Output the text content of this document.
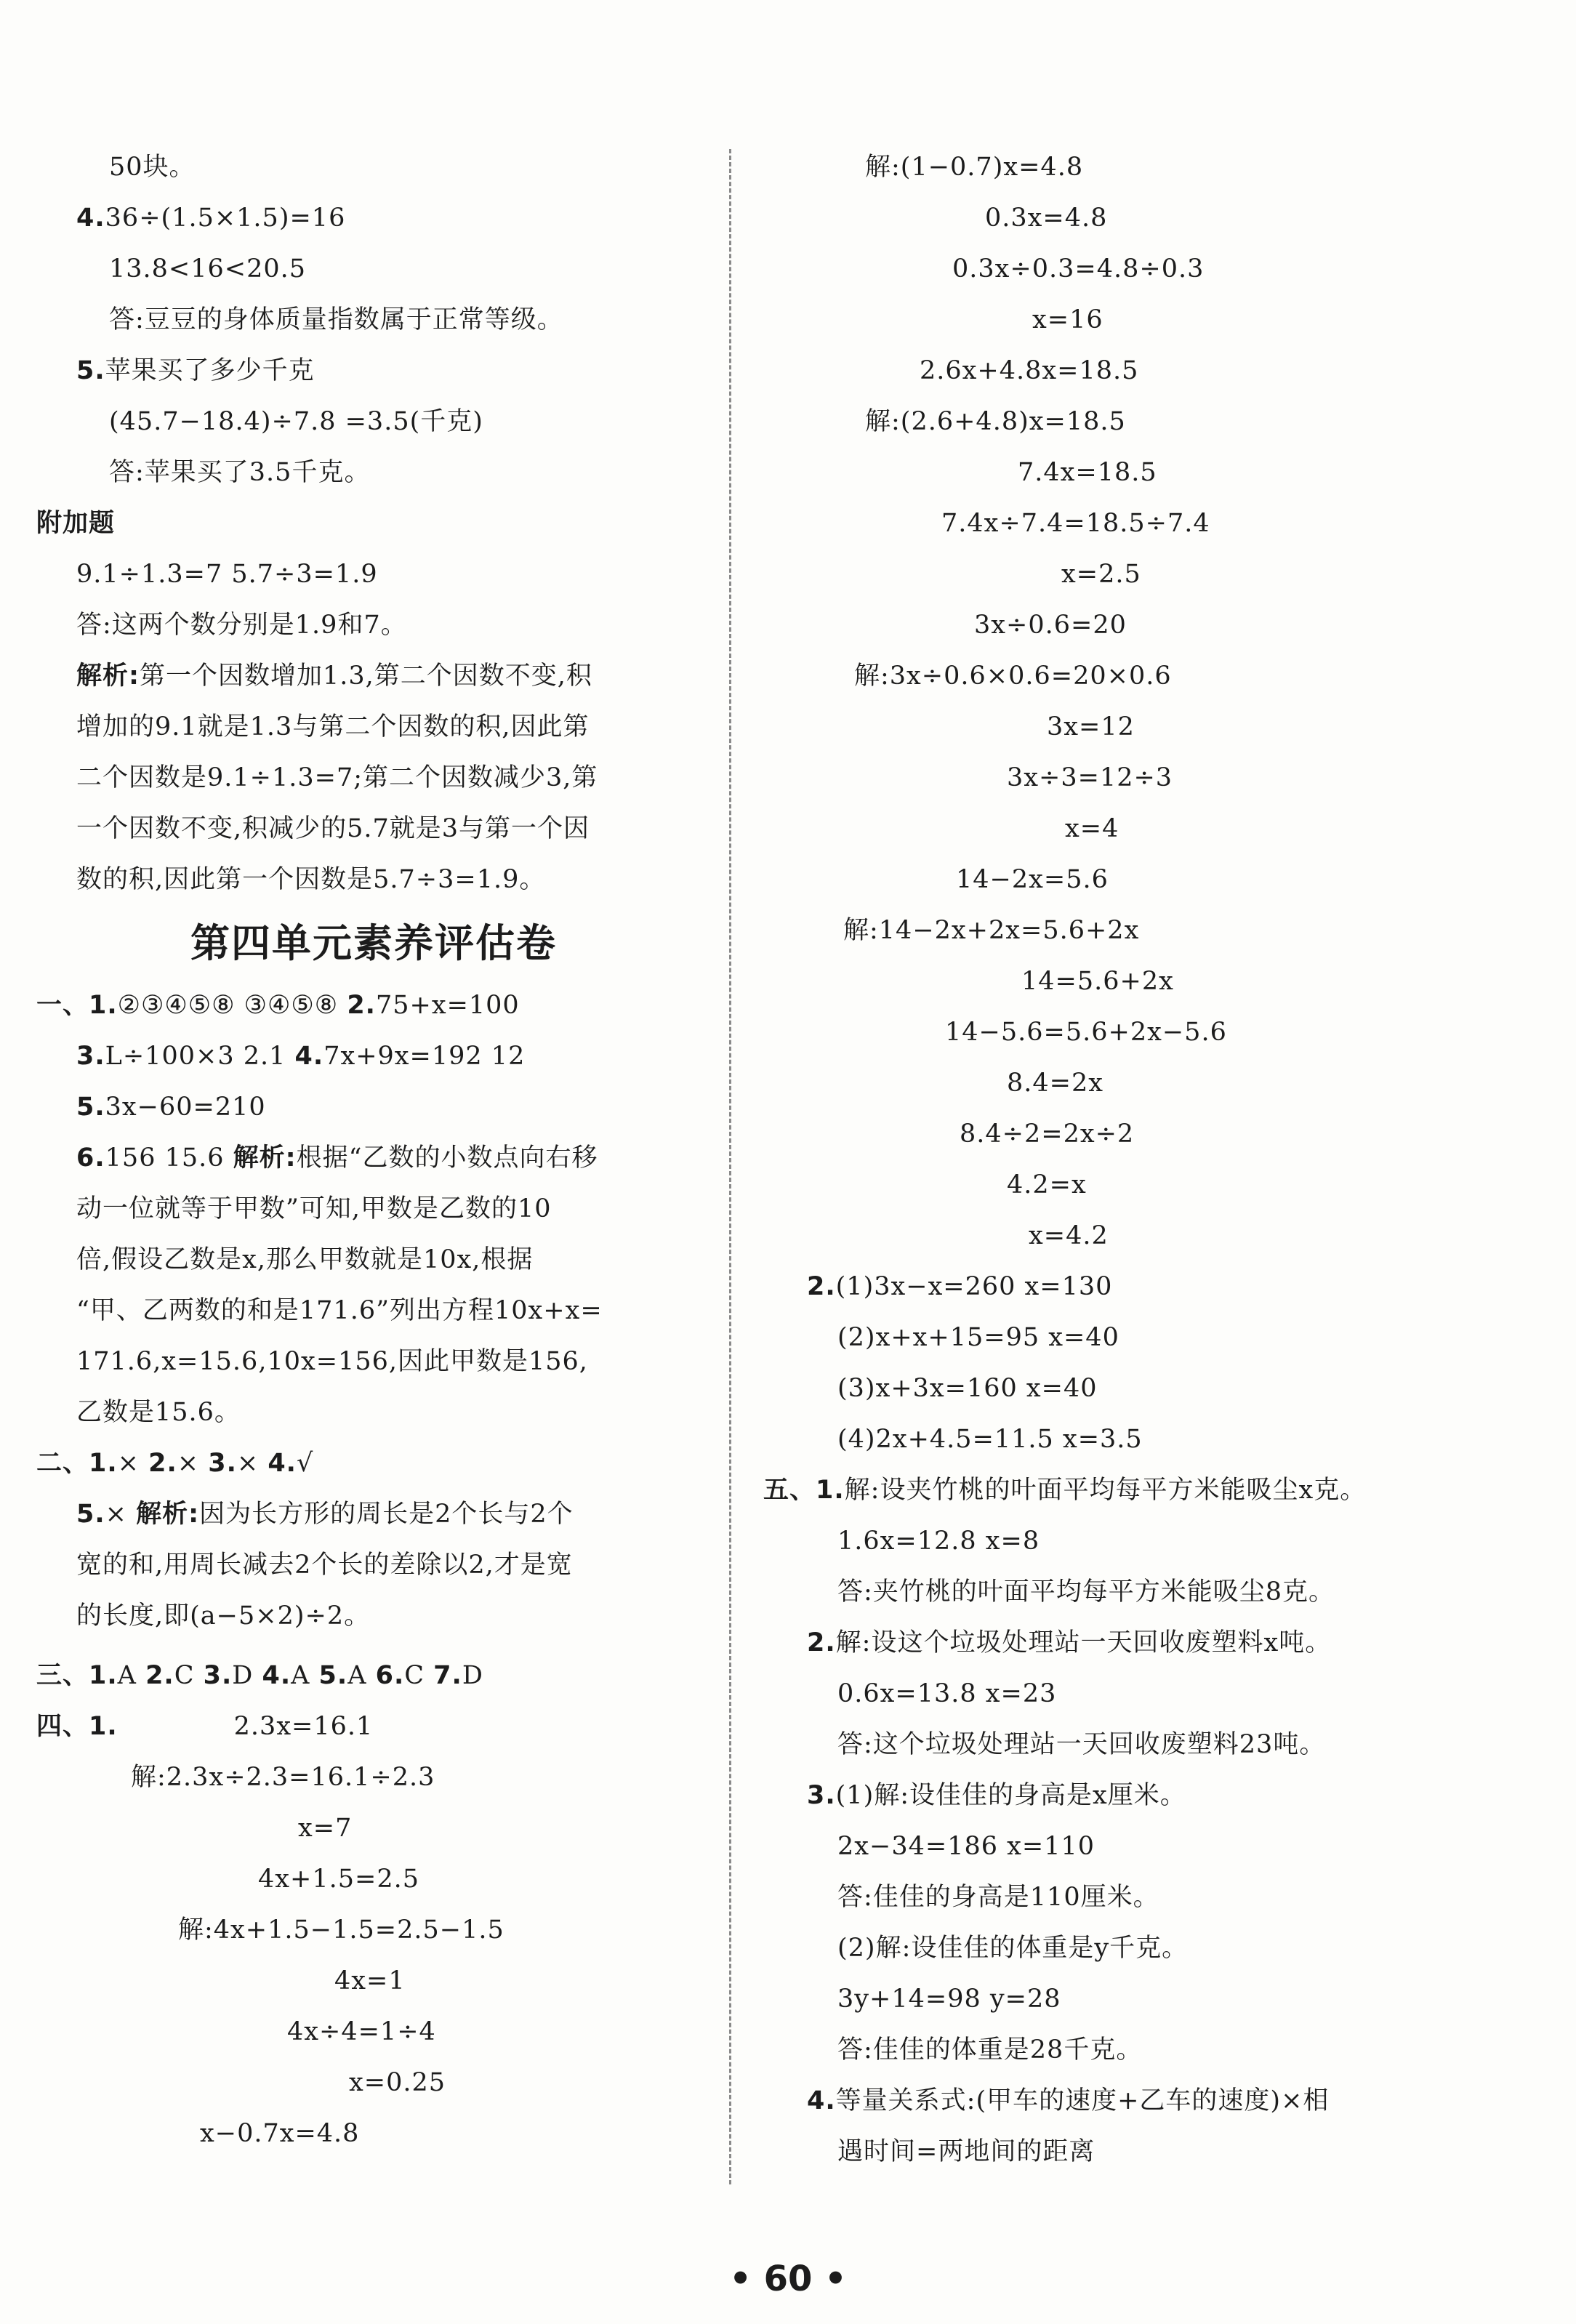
50块。
4.36÷(1.5×1.5)=16
13.8<16<20.5
答:豆豆的身体质量指数属于正常等级。
5.苹果买了多少千克
(45.7−18.4)÷7.8 =3.5(千克)
答:苹果买了3.5千克。
附加题
9.1÷1.3=7 5.7÷3=1.9
答:这两个数分别是1.9和7。
解析:第一个因数增加1.3,第二个因数不变,积
增加的9.1就是1.3与第二个因数的积,因此第
二个因数是9.1÷1.3=7;第二个因数减少3,第
一个因数不变,积减少的5.7就是3与第一个因
数的积,因此第一个因数是5.7÷3=1.9。
第四单元素养评估卷
一、1.②③④⑤⑧ ③④⑤⑧ 2.75+x=100
3.L÷100×3 2.1 4.7x+9x=192 12
5.3x−60=210
6.156 15.6 解析:根据“乙数的小数点向右移
动一位就等于甲数”可知,甲数是乙数的10
倍,假设乙数是x,那么甲数就是10x,根据
“甲、乙两数的和是171.6”列出方程10x+x=
171.6,x=15.6,10x=156,因此甲数是156,
乙数是15.6。
二、1.× 2.× 3.× 4.√
5.× 解析:因为长方形的周长是2个长与2个
宽的和,用周长减去2个长的差除以2,才是宽
的长度,即(a−5×2)÷2。
三、1.A 2.C 3.D 4.A 5.A 6.C 7.D
四、1.	2.3x=16.1
解:2.3x÷2.3=16.1÷2.3
x=7
4x+1.5=2.5
解:4x+1.5−1.5=2.5−1.5
4x=1
4x÷4=1÷4
x=0.25
x−0.7x=4.8
解:(1−0.7)x=4.8
0.3x=4.8
0.3x÷0.3=4.8÷0.3
x=16
2.6x+4.8x=18.5
解:(2.6+4.8)x=18.5
7.4x=18.5
7.4x÷7.4=18.5÷7.4
x=2.5
3x÷0.6=20
解:3x÷0.6×0.6=20×0.6
3x=12
3x÷3=12÷3
x=4
14−2x=5.6
解:14−2x+2x=5.6+2x
14=5.6+2x
14−5.6=5.6+2x−5.6
8.4=2x
8.4÷2=2x÷2
4.2=x
x=4.2
2.(1)3x−x=260 x=130
(2)x+x+15=95 x=40
(3)x+3x=160 x=40
(4)2x+4.5=11.5 x=3.5
五、1.解:设夹竹桃的叶面平均每平方米能吸尘x克。
1.6x=12.8 x=8
答:夹竹桃的叶面平均每平方米能吸尘8克。
2.解:设这个垃圾处理站一天回收废塑料x吨。
0.6x=13.8 x=23
答:这个垃圾处理站一天回收废塑料23吨。
3.(1)解:设佳佳的身高是x厘米。
2x−34=186 x=110
答:佳佳的身高是110厘米。
(2)解:设佳佳的体重是y千克。
3y+14=98 y=28
答:佳佳的体重是28千克。
4.等量关系式:(甲车的速度+乙车的速度)×相
遇时间=两地间的距离
• 60 •
